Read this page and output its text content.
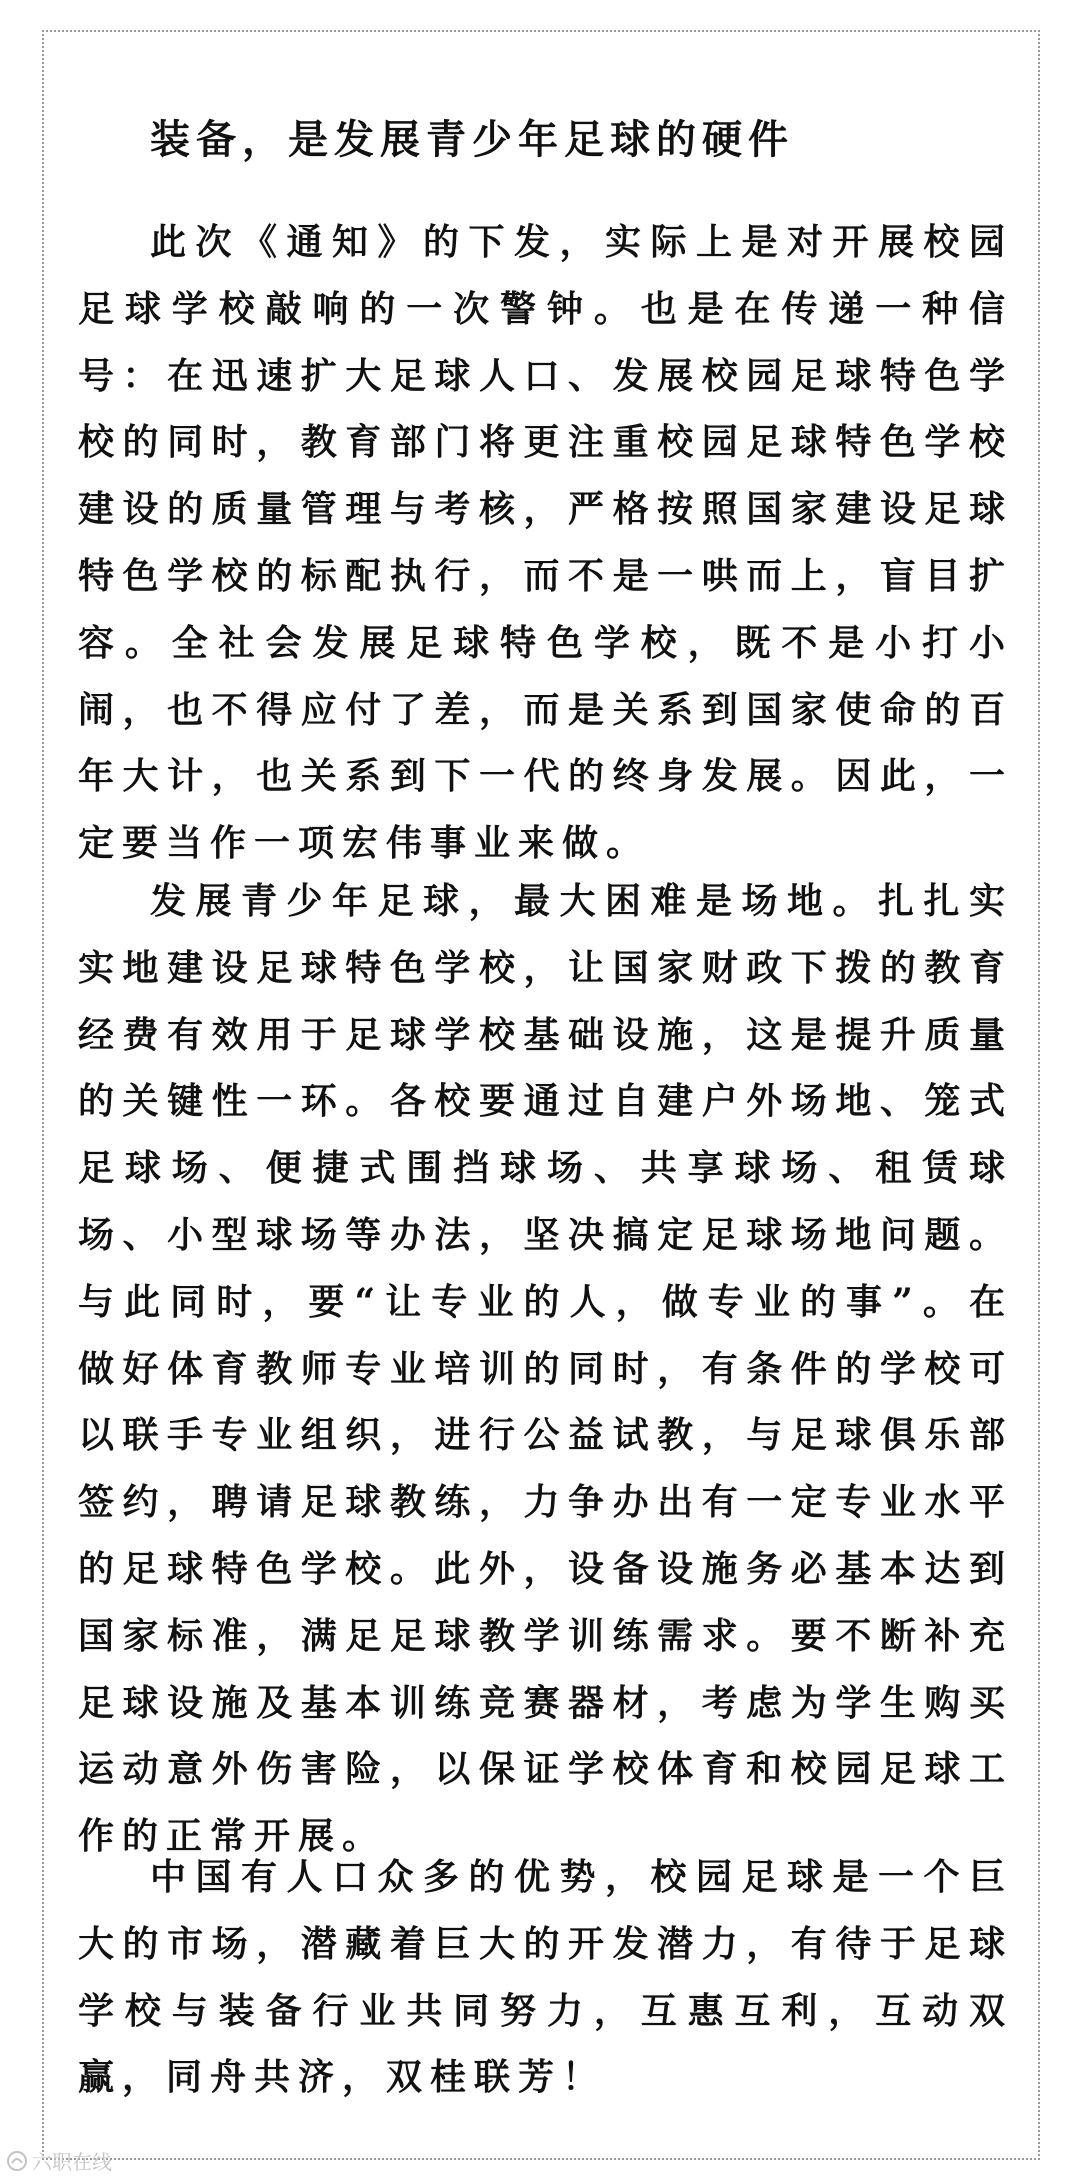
装备，是发展青少年足球的硬件

此次《通知》的下发，实际上是对开展校园足球学校敲响的一次警钟。也是在传递一种信号：在迅速扩大足球人口、发展校园足球特色学校的同时，教育部门将更注重校园足球特色学校建设的质量管理与考核，严格按照国家建设足球特色学校的标配执行，而不是一哄而上，盲目扩容。全社会发展足球特色学校，既不是小打小闹，也不得应付了差，而是关系到国家使命的百年大计，也关系到下一代的终身发展。因此，一定要当作一项宏伟事业来做。

发展青少年足球，最大困难是场地。扎扎实实地建设足球特色学校，让国家财政下拨的教育经费有效用于足球学校基础设施，这是提升质量的关键性一环。各校要通过自建户外场地、笼式足球场、便捷式围挡球场、共享球场、租赁球场、小型球场等办法，坚决搞定足球场地问题。与此同时，要“让专业的人，做专业的事”。在做好体育教师专业培训的同时，有条件的学校可以联手专业组织，进行公益试教，与足球俱乐部签约，聘请足球教练，力争办出有一定专业水平的足球特色学校。此外，设备设施务必基本达到国家标准，满足足球教学训练需求。要不断补充足球设施及基本训练竞赛器材，考虑为学生购买运动意外伤害险，以保证学校体育和校园足球工作的正常开展。

中国有人口众多的优势，校园足球是一个巨大的市场，潜藏着巨大的开发潜力，有待于足球学校与装备行业共同努力，互惠互利，互动双赢，同舟共济，双桂联芳！

六职在线
